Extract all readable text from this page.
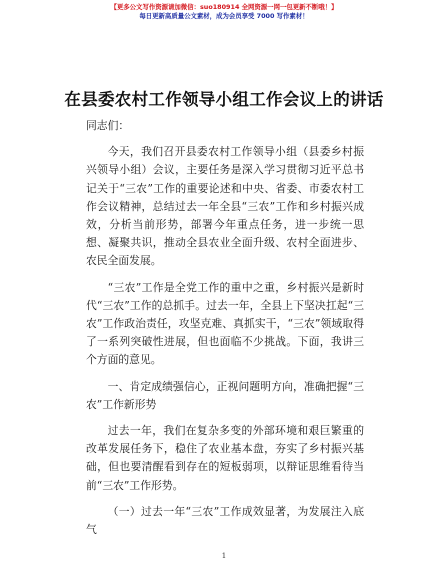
【更多公文写作资源请加微信：suo180914 全网资源一网一包更新不断哦！】
每日更新高质量公文素材，成为会员享受 7000 写作素材！
在县委农村工作领导小组工作会议上的讲话

同志们：

今天，我们召开县委农村工作领导小组（县委乡村振兴领导小组）会议，主要任务是深入学习贯彻习近平总书记关于“三农”工作的重要论述和中央、省委、市委农村工作会议精神，总结过去一年全县“三农”工作和乡村振兴成效，分析当前形势，部署今年重点任务，进一步统一思想、凝聚共识，推动全县农业全面升级、农村全面进步、农民全面发展。

“三农”工作是全党工作的重中之重，乡村振兴是新时代“三农”工作的总抓手。过去一年，全县上下坚决扛起“三农”工作政治责任，攻坚克难、真抓实干，“三农”领域取得了一系列突破性进展，但也面临不少挑战。下面，我讲三个方面的意见。

一、肯定成绩强信心，正视问题明方向，准确把握“三农”工作新形势

过去一年，我们在复杂多变的外部环境和艰巨繁重的改革发展任务下，稳住了农业基本盘，夯实了乡村振兴基础，但也要清醒看到存在的短板弱项，以辩证思维看待当前“三农”工作形势。

（一）过去一年“三农”工作成效显著，为发展注入底气

1
